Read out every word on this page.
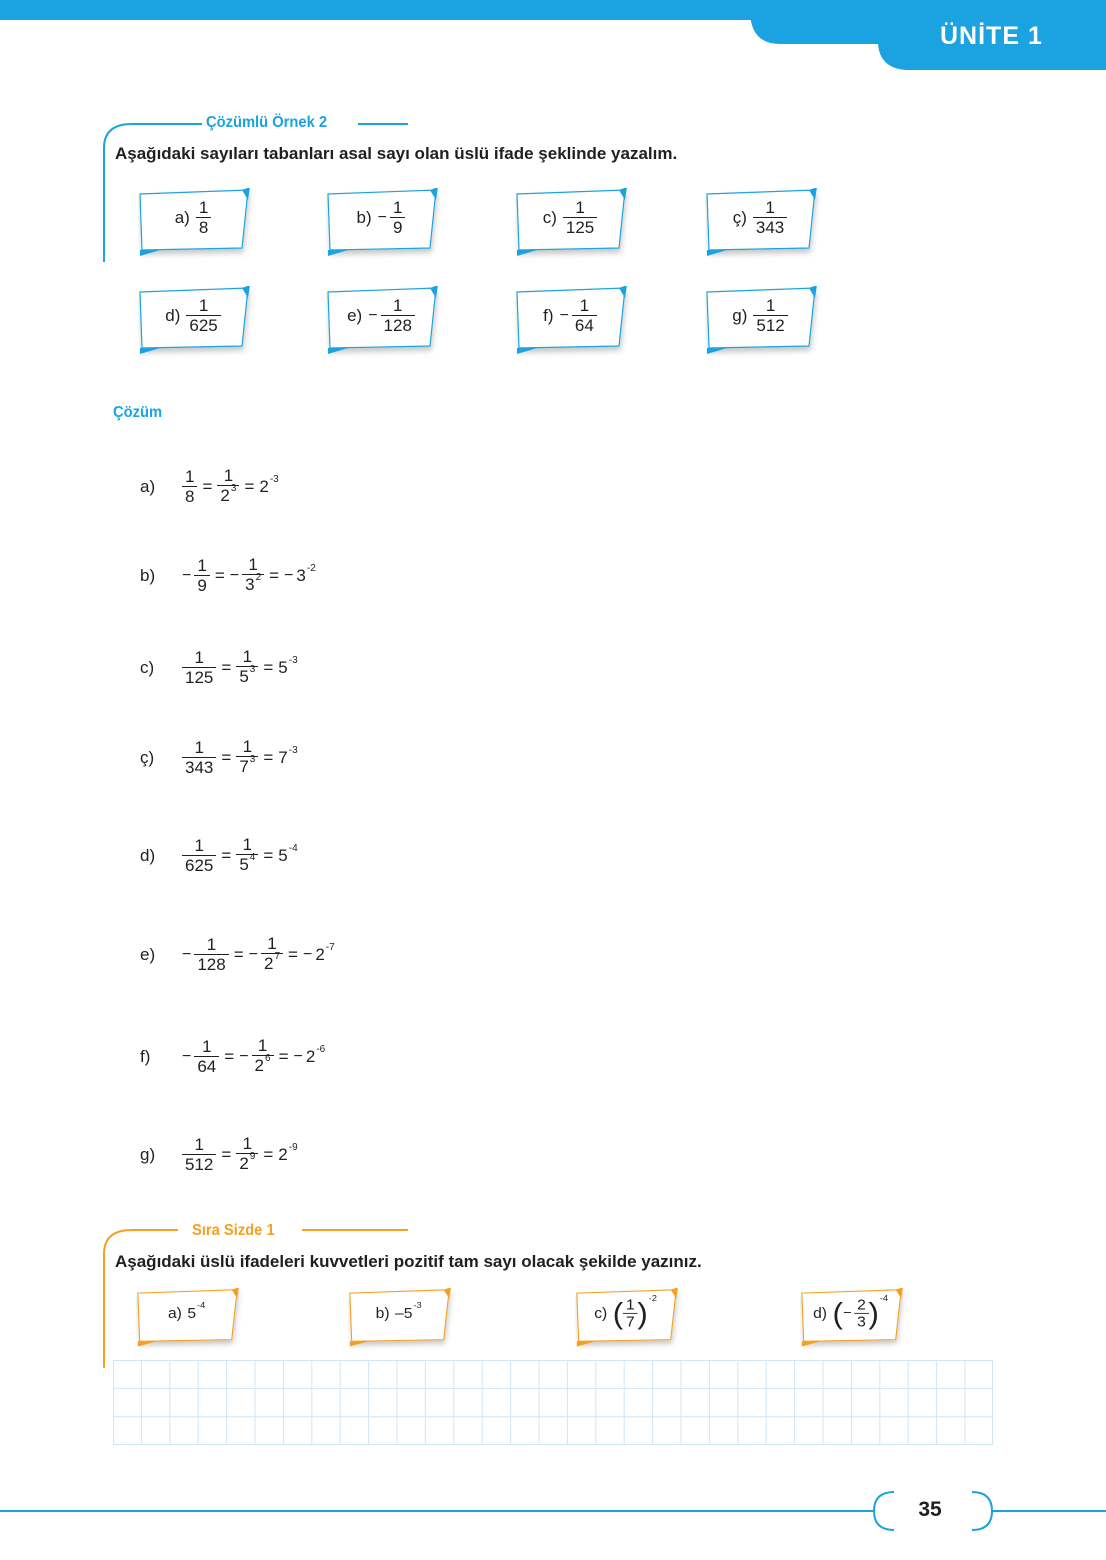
ÜNİTE 1
Çözümlü Örnek 2
Aşağıdaki sayıları tabanları asal sayı olan üslü ifade şeklinde yazalım.
$a) \frac{1}{8}$	$b) - \frac{1}{9}$	$c) \frac{1}{125}$	ç) $\frac{1}{343}$
$d) \frac{1}{625}$	$e) - \frac{1}{128}$	$f) - \frac{1}{64}$	$g) \frac{1}{512}$
Çözüm
a)	$\frac{1}{8} = \frac{1}{2^3} = 2^{-3}$
b)	− $\frac{1}{9}$ = − $\frac{1}{3^2}$ = − $3^{-2}$
c)	$\frac{1}{125} = \frac{1}{5^3} = 5^{-3}$
ç)	$\frac{1}{343} = \frac{1}{7^3} = 7^{-3}$
d)	$\frac{1}{625} = \frac{1}{5^4} = 5^{-4}$
e)	− $\frac{1}{128}$ = − $\frac{1}{2^7}$ = − $2^{-7}$
f)	− $\frac{1}{64}$ = − $\frac{1}{2^6}$ = − $2^{-6}$
g)	$\frac{1}{512} = \frac{1}{2^9} = 2^{-9}$
Sıra Sizde 1
Aşağıdaki üslü ifadeleri kuvvetleri pozitif tam sayı olacak şekilde yazınız.
a) 5 -4	b) –5 -3	c) ( $\frac{1}{7}$ ) -2
d) ( − $\frac{2}{3}$ ) -4
35
